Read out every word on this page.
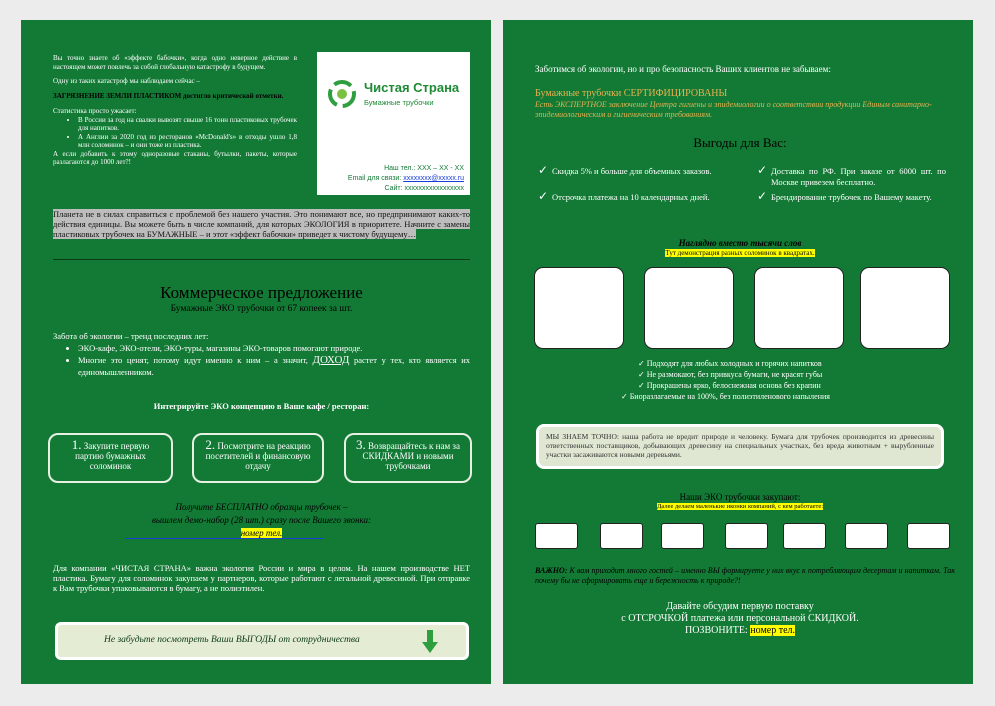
Вы точно знаете об «эффекте бабочки», когда одно неверное действие в настоящем может повлечь за собой глобальную катастрофу в будущем.

Одну из таких катастроф мы наблюдаем сейчас –

ЗАГРЯЗНЕНИЕ ЗЕМЛИ ПЛАСТИКОМ достигло критической отметки.

Статистика просто ужасает:

• В России за год на свалки вывозят свыше 16 тонн пластиковых трубочек для напитков.
• А Англии за 2020 год из ресторанов «McDonald's» в отходы ушло 1,8 млн соломинок – и они тоже из пластика.

А если добавить к этому одноразовые стаканы, бутылки, пакеты, которые разлагаются до 1000 лет?!

Чистая Страна
Бумажные трубочки
Наш тел.: XXX – XX - XX
Email для связи: xxxxxxxx@xxxxx.ru
Сайт: xxxxxxxxxxxxxxxxx
Планета не в силах справиться с проблемой без нашего участия. Это понимают все, но предпринимают каких-то действия единицы. Вы можете быть в числе компаний, для которых ЭКОЛОГИЯ в приоритете. Начните с замены пластиковых трубочек на БУМАЖНЫЕ – и этот «эффект бабочки» приведет к чистому будущему…
Коммерческое предложение
Бумажные ЭКО трубочки от 67 копеек за шт.

Забота об экологии – тренд последних лет:

• ЭКО-кафе, ЭКО-отели, ЭКО-туры, магазины ЭКО-товаров помогают природе.
• Многие это ценят, потому идут именно к ним – а значит, ДОХОД растет у тех, кто является их единомышленником.
Интегрируйте ЭКО концепцию в Ваше кафе / ресторан:
1. Закупите первую партию бумажных соломинок
2. Посмотрите на реакцию посетителей и финансовую отдачу
3. Возвращайтесь к нам за СКИДКАМИ и новыми трубочками
Получите БЕСПЛАТНО образцы трубочек –
вышлем демо-набор (28 шт.) сразу после Вашего звонка:
номер тел.
Для компании «ЧИСТАЯ СТРАНА» важна экология России и мира в целом. На нашем производстве НЕТ пластика. Бумагу для соломинок закупаем у партнеров, которые работают с легальной древесиной. При отправке к Вам трубочки упаковываются в бумагу, а не полиэтилен.
Не забудьте посмотреть Ваши ВЫГОДЫ от сотрудничества
Заботимся об экологии, но и про безопасность Ваших клиентов не забываем:
Бумажные трубочки СЕРТИФИЦИРОВАНЫ
Есть ЭКСПЕРТНОЕ заключение Центра гигиены и эпидемиологии о соответствии продукции Единым санитарно-эпидемиологическим и гигиеническим требованиям.
Выгоды для Вас:
✓ Скидка 5% и больше для объемных заказов.	✓ Доставка по РФ. При заказе от 6000 шт. по Москве привезем бесплатно.
✓ Отсрочка платежа на 10 календарных дней.	✓ Брендирование трубочек по Вашему макету.
Наглядно вместо тысячи слов
Тут демонстрация разных соломинок в квадратах.
✓ Подходят для любых холодных и горячих напитков
✓ Не размокают, без привкуса бумаги, не красят губы
✓ Прокрашены ярко, белоснежная основа без крапин
✓ Биоразлагаемые на 100%, без полиэтиленового напыления
МЫ ЗНАЕМ ТОЧНО: наша работа не вредит природе и человеку. Бумага для трубочек производится из древесины ответственных поставщиков, добывающих древесину на специальных участках, без вреда животным + вырубленные участки засаживаются новыми деревьями.
Наши ЭКО трубочки закупают:
Далее делаем маленькие иконки компаний, с кем работаете:
ВАЖНО: К вам приходит много гостей – именно ВЫ формируете у них вкус к потребляющим десертам и напиткам. Так почему бы не сформировать еще и бережность к природе?!
Давайте обсудим первую поставку
с ОТСРОЧКОЙ платежа или персональной СКИДКОЙ.
ПОЗВОНИТЕ: номер тел.
